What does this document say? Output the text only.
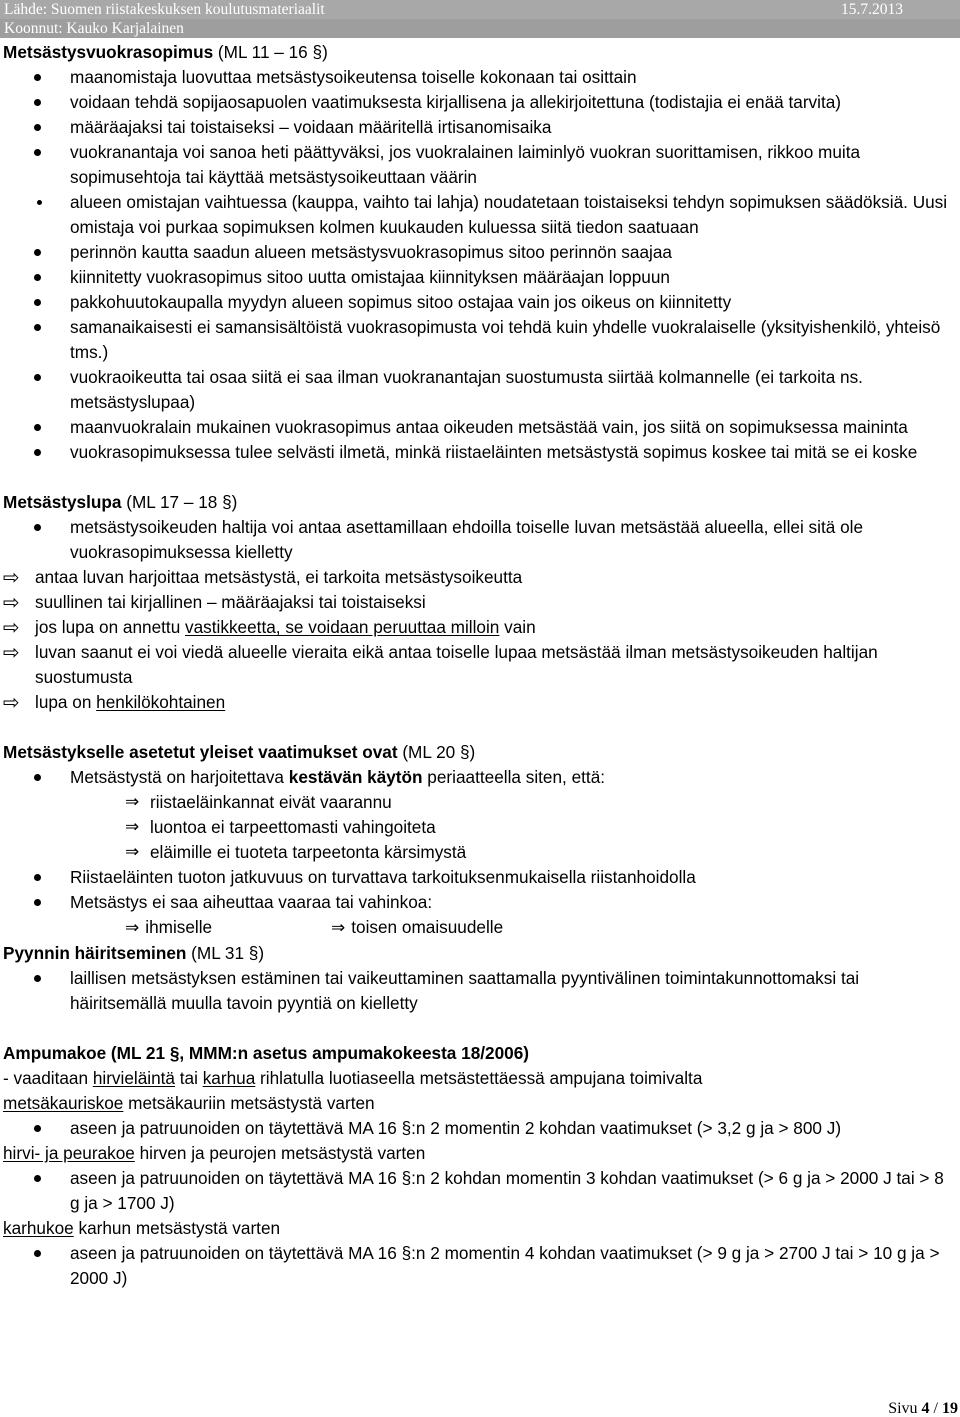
Lähde: Suomen riistakeskuksen koulutusmateriaalit	15.7.2013
Koonnut: Kauko Karjalainen
Metsästysvuokrasopimus (ML 11 – 16 §)
maanomistaja luovuttaa metsästysoikeutensa toiselle kokonaan tai osittain
voidaan tehdä sopijaosapuolen vaatimuksesta kirjallisena ja allekirjoitettuna (todistajia ei enää tarvita)
määräajaksi tai toistaiseksi – voidaan määritellä irtisanomisaika
vuokranantaja voi sanoa heti päättyväksi, jos vuokralainen laiminlyö vuokran suorittamisen, rikkoo muita sopimusehtoja tai käyttää metsästysoikeuttaan väärin
alueen omistajan vaihtuessa (kauppa, vaihto tai lahja) noudatetaan toistaiseksi tehdyn sopimuksen säädöksiä. Uusi omistaja voi purkaa sopimuksen kolmen kuukauden kuluessa siitä tiedon saatuaan
perinnön kautta saadun alueen metsästysvuokrasopimus sitoo perinnön saajaa
kiinnitetty vuokrasopimus sitoo uutta omistajaa kiinnityksen määräajan loppuun
pakkohuutokaupalla myydyn alueen sopimus sitoo ostajaa vain jos oikeus on kiinnitetty
samanaikaisesti ei samansisältöistä vuokrasopimusta voi tehdä kuin yhdelle vuokralaiselle (yksityishenkilö, yhteisö tms.)
vuokraoikeutta tai osaa siitä ei saa ilman vuokranantajan suostumusta siirtää kolmannelle (ei tarkoita ns. metsästyslupaa)
maanvuokralain mukainen vuokrasopimus antaa oikeuden metsästää vain, jos siitä on sopimuksessa maininta
vuokrasopimuksessa tulee selvästi ilmetä, minkä riistaeläinten metsästystä sopimus koskee tai mitä se ei koske
Metsästyslupa (ML 17 – 18 §)
metsästysoikeuden haltija voi antaa asettamillaan ehdoilla toiselle luvan metsästää alueella, ellei sitä ole vuokrasopimuksessa kielletty
⇨ antaa luvan harjoittaa metsästystä, ei tarkoita metsästysoikeutta
⇨ suullinen tai kirjallinen – määräajaksi tai toistaiseksi
⇨ jos lupa on annettu vastikkeetta, se voidaan peruuttaa milloin vain
⇨ luvan saanut ei voi viedä alueelle vieraita eikä antaa toiselle lupaa metsästää ilman metsästysoikeuden haltijan suostumusta
⇨ lupa on henkilökohtainen
Metsästykselle asetetut yleiset vaatimukset ovat (ML 20 §)
Metsästystä on harjoitettava kestävän käytön periaatteella siten, että:
⇒ riistaeläinkannat eivät vaarannu
⇒ luontoa ei tarpeettomasti vahingoiteta
⇒ eläimille ei tuoteta tarpeetonta kärsimystä
Riistaeläinten tuoton jatkuvuus on turvattava tarkoituksenmukaisella riistanhoidolla
Metsästys ei saa aiheuttaa vaaraa tai vahinkoa:
⇒ ihmiselle	⇒ toisen omaisuudelle
Pyynnin häiritseminen (ML 31 §)
laillisen metsästyksen estäminen tai vaikeuttaminen saattamalla pyyntivälinen toimintakunnottomaksi tai häiritsemällä muulla tavoin pyyntiä on kielletty
Ampumakoe (ML 21 §, MMM:n asetus ampumakokeesta 18/2006)
- vaaditaan hirvieläintä tai karhua rihlatulla luotiaseella metsästettäessä ampujana toimivalta
metsäkauriskoe metsäkauriin metsästystä varten
aseen ja patruunoiden on täytettävä MA 16 §:n 2 momentin 2 kohdan vaatimukset (> 3,2 g ja > 800 J)
hirvi- ja peurakoe hirven ja peurojen metsästystä varten
aseen ja patruunoiden on täytettävä MA 16 §:n 2 kohdan momentin 3 kohdan vaatimukset (> 6 g ja > 2000 J tai > 8 g ja > 1700 J)
karhukoe karhun metsästystä varten
aseen ja patruunoiden on täytettävä MA 16 §:n 2 momentin 4 kohdan vaatimukset (> 9 g ja > 2700 J tai > 10 g ja > 2000 J)
Sivu 4 / 19
